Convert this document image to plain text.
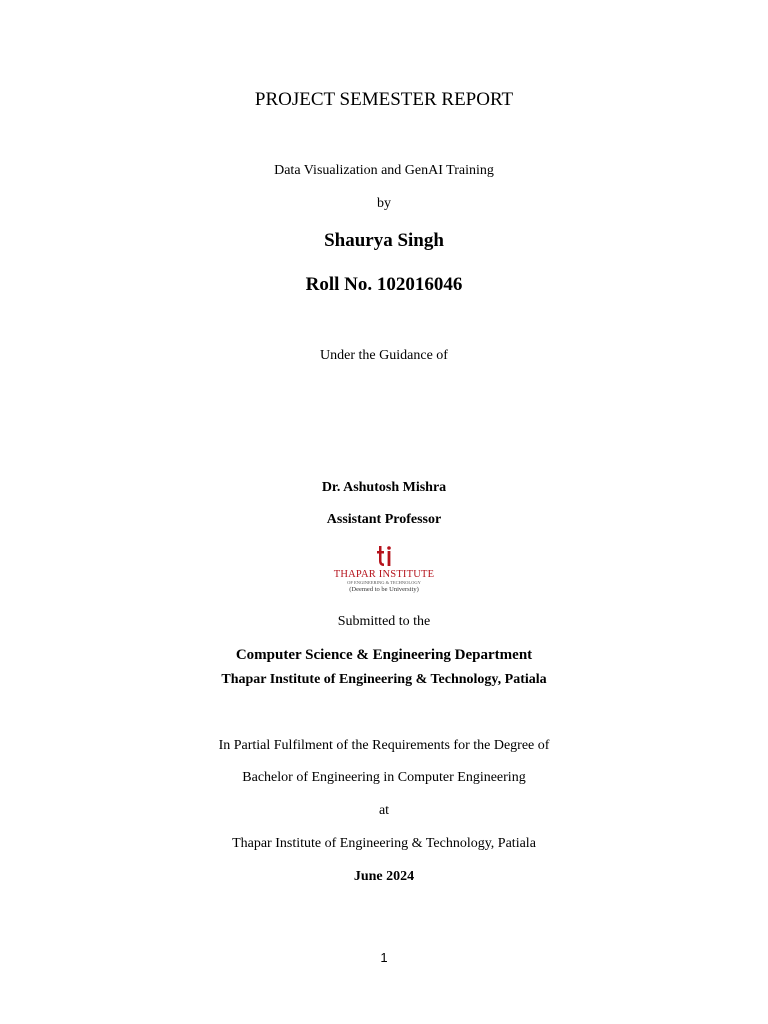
PROJECT SEMESTER REPORT
Data Visualization and GenAI Training
by
Shaurya Singh
Roll No. 102016046
Under the Guidance of
Dr. Ashutosh Mishra
Assistant Professor
THAPAR INSTITUTE
OF ENGINEERING & TECHNOLOGY
(Deemed to be University)
Submitted to the
Computer Science & Engineering Department
Thapar Institute of Engineering & Technology, Patiala
In Partial Fulfilment of the Requirements for the Degree of
Bachelor of Engineering in Computer Engineering
at
Thapar Institute of Engineering & Technology, Patiala
June 2024
1
